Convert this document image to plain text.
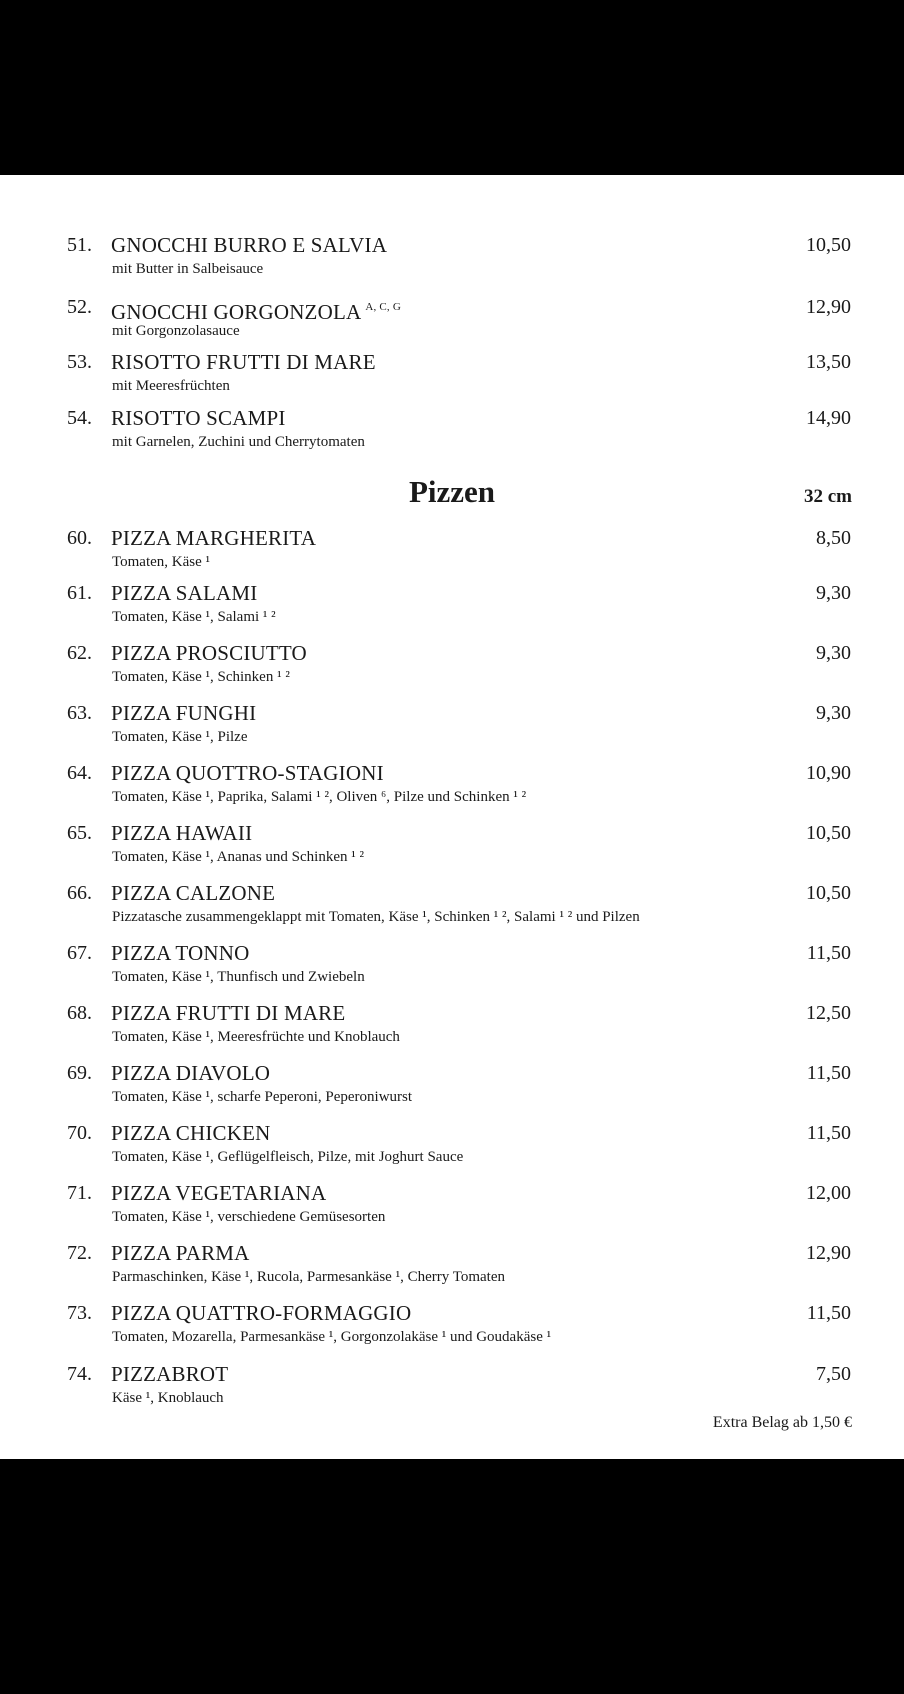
51. GNOCCHI BURRO E SALVIA
mit Butter in Salbeisauce
10,50
52. GNOCCHI GORGONZOLA $^{A, C, G}$
mit Gorgonzolasauce
12,90
53. RISOTTO FRUTTI DI MARE
mit Meeresfrüchten
13,50
54. RISOTTO SCAMPI
mit Garnelen, Zuchini und Cherrytomaten
14,90
Pizzen	32 cm
60. PIZZA MARGHERITA
Tomaten, Käse ¹
8,50
61. PIZZA SALAMI
Tomaten, Käse ¹, Salami ¹ ²
9,30
62. PIZZA PROSCIUTTO
Tomaten, Käse ¹, Schinken ¹ ²
9,30
63. PIZZA FUNGHI
Tomaten, Käse ¹, Pilze
9,30
64. PIZZA QUOTTRO-STAGIONI
Tomaten, Käse ¹, Paprika, Salami ¹ ², Oliven ⁶, Pilze und Schinken ¹ ²
10,90
65. PIZZA HAWAII
Tomaten, Käse ¹, Ananas und Schinken ¹ ²
10,50
66. PIZZA CALZONE
Pizzatasche zusammengeklappt mit Tomaten, Käse ¹, Schinken ¹ ², Salami ¹ ² und Pilzen
10,50
67. PIZZA TONNO
Tomaten, Käse ¹, Thunfisch und Zwiebeln
11,50
68. PIZZA FRUTTI DI MARE
Tomaten, Käse ¹, Meeresfrüchte und Knoblauch
12,50
69. PIZZA DIAVOLO
Tomaten, Käse ¹, scharfe Peperoni, Peperoniwurst
11,50
70. PIZZA CHICKEN
Tomaten, Käse ¹, Geflügelfleisch, Pilze, mit Joghurt Sauce
11,50
71. PIZZA VEGETARIANA
Tomaten, Käse ¹, verschiedene Gemüsesorten
12,00
72. PIZZA PARMA
Parmaschinken, Käse ¹, Rucola, Parmesankäse ¹, Cherry Tomaten
12,90
73. PIZZA QUATTRO-FORMAGGIO
Tomaten, Mozarella, Parmesankäse ¹, Gorgonzolakäse ¹ und Goudakäse ¹
11,50
74. PIZZABROT
Käse ¹, Knoblauch
7,50
Extra Belag ab 1,50 €
